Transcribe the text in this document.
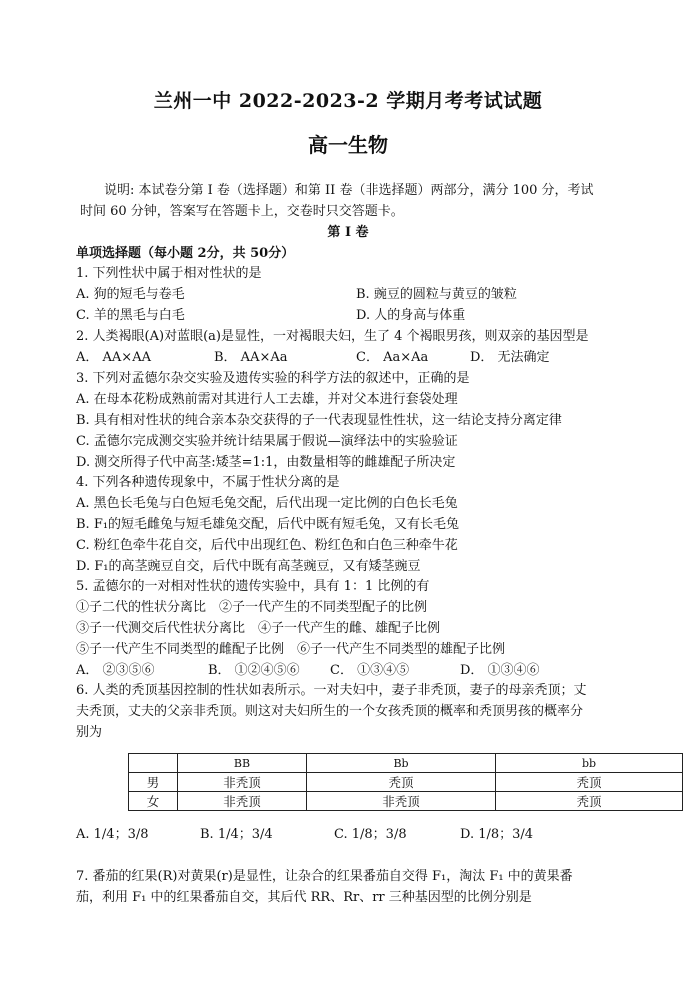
兰州一中 2022-2023-2 学期月考考试试题
高一生物
说明: 本试卷分第 I 卷（选择题）和第 II 卷（非选择题）两部分，满分 100 分，考试
时间 60 分钟，答案写在答题卡上，交卷时只交答题卡。
第 I 卷
单项选择题（每小题 2分，共 50分）
1. 下列性状中属于相对性状的是
A. 狗的短毛与卷毛	B. 豌豆的圆粒与黄豆的皱粒
C. 羊的黑毛与白毛	D. 人的身高与体重
2. 人类褐眼(A)对蓝眼(a)是显性，一对褐眼夫妇，生了 4 个褐眼男孩，则双亲的基因型是
A． AA×AA	B． AA×Aa	C． Aa×Aa	D． 无法确定
3. 下列对孟德尔杂交实验及遗传实验的科学方法的叙述中，正确的是
A. 在母本花粉成熟前需对其进行人工去雄，并对父本进行套袋处理
B. 具有相对性状的纯合亲本杂交获得的子一代表现显性性状，这一结论支持分离定律
C. 孟德尔完成测交实验并统计结果属于假说—演绎法中的实验验证
D. 测交所得子代中高茎:矮茎=1:1，由数量相等的雌雄配子所决定
4. 下列各种遗传现象中，不属于性状分离的是
A. 黑色长毛兔与白色短毛兔交配，后代出现一定比例的白色长毛兔
B. F₁的短毛雌兔与短毛雄兔交配，后代中既有短毛兔，又有长毛兔
C. 粉红色牵牛花自交，后代中出现红色、粉红色和白色三种牵牛花
D. F₁的高茎豌豆自交，后代中既有高茎豌豆，又有矮茎豌豆
5. 孟德尔的一对相对性状的遗传实验中，具有 1：1 比例的有
①子二代的性状分离比　②子一代产生的不同类型配子的比例
③子一代测交后代性状分离比　④子一代产生的雌、雄配子比例
⑤子一代产生不同类型的雌配子比例　⑥子一代产生不同类型的雄配子比例
A． ②③⑤⑥	B． ①②④⑤⑥ C． ①③④⑤	D． ①③④⑥
6. 人类的秃顶基因控制的性状如表所示。一对夫妇中，妻子非秃顶，妻子的母亲秃顶；丈
夫秃顶，丈夫的父亲非秃顶。则这对夫妇所生的一个女孩秃顶的概率和秃顶男孩的概率分
别为
	BB	Bb	bb
男	非秃顶	秃顶	秃顶
女	非秃顶	非秃顶	秃顶
A. 1/4；3/8	B. 1/4；3/4	C. 1/8；3/8	D. 1/8；3/4
7. 番茄的红果(R)对黄果(r)是显性，让杂合的红果番茄自交得 F₁，淘汰 F₁ 中的黄果番
茄，利用 F₁ 中的红果番茄自交，其后代 RR、Rr、rr 三种基因型的比例分别是
